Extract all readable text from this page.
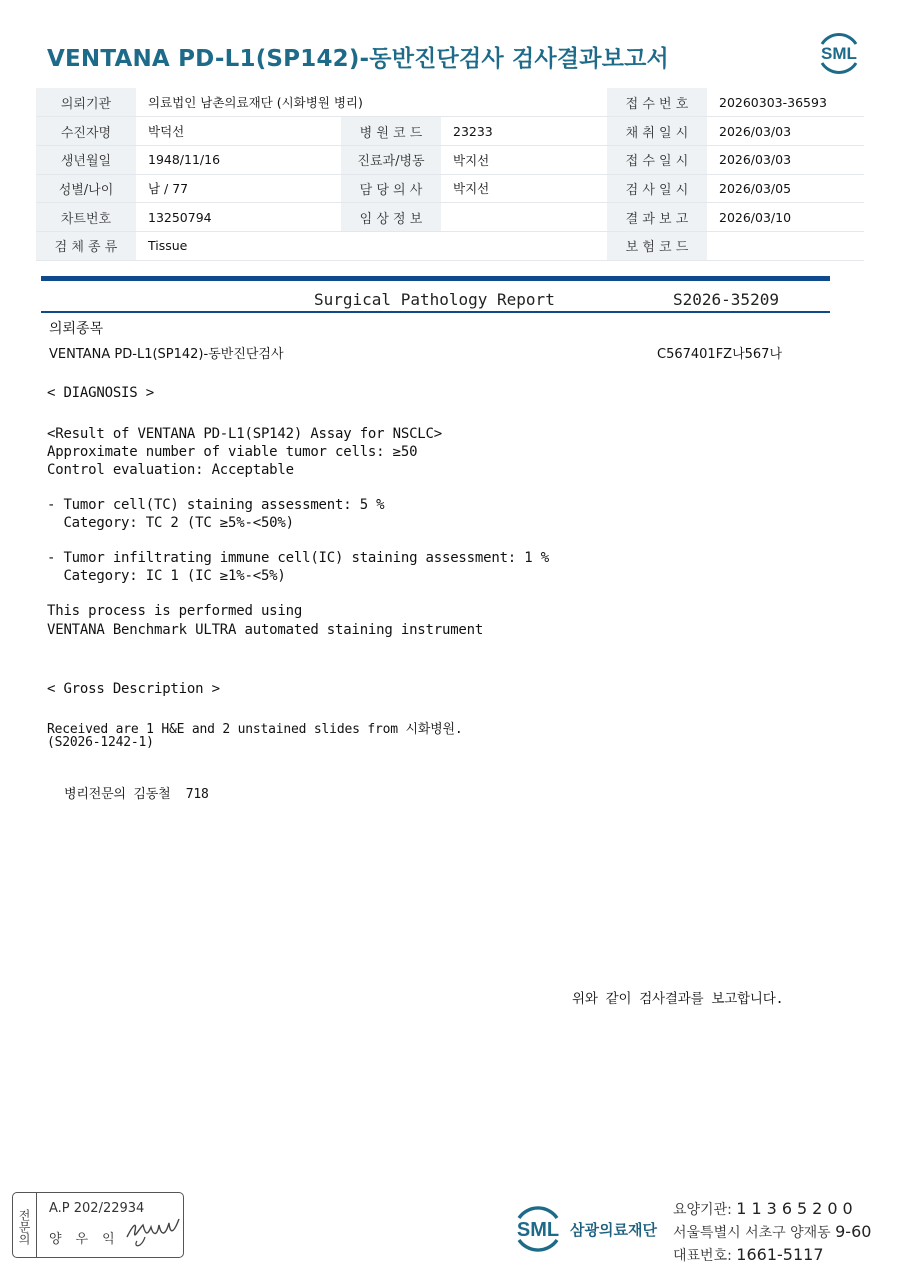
VENTANA PD-L1(SP142)-동반진단검사 검사결과보고서	SML
의뢰기관	의료법인 남촌의료재단 (시화병원 병리)				접 수 번 호	20260303-36593
수진자명	박덕선	병 원 코 드	23233		채 취 일 시	2026/03/03
생년월일	1948/11/16	진료과/병동	박지선		접 수 일 시	2026/03/03
성별/나이	남 / 77	담 당 의 사	박지선		검 사 일 시	2026/03/05
차트번호	13250794	임 상 정 보			결 과 보 고	2026/03/10
검 체 종 류	Tissue				보 험 코 드	
Surgical Pathology Report	S2026-35209
의뢰종목
VENTANA PD-L1(SP142)-동반진단검사	C567401FZ나567나
< DIAGNOSIS >
<Result of VENTANA PD-L1(SP142) Assay for NSCLC>
Approximate number of viable tumor cells: ≥50
Control evaluation: Acceptable
- Tumor cell(TC) staining assessment: 5 %
Category: TC 2 (TC ≥5%-<50%)
- Tumor infiltrating immune cell(IC) staining assessment: 1 %
Category: IC 1 (IC ≥1%-<5%)
This process is performed using
VENTANA Benchmark ULTRA automated staining instrument
< Gross Description >
Received are 1 H&E and 2 unstained slides from 시화병원.
(S2026-1242-1)
병리전문의 김동철  718
위와 같이 검사결과를 보고합니다.
전문의	A.P 202/22934
양우익	SML 삼광의료재단
요양기관: 11365200
서울특별시 서초구 양재동 9-60
대표번호: 1661-5117
